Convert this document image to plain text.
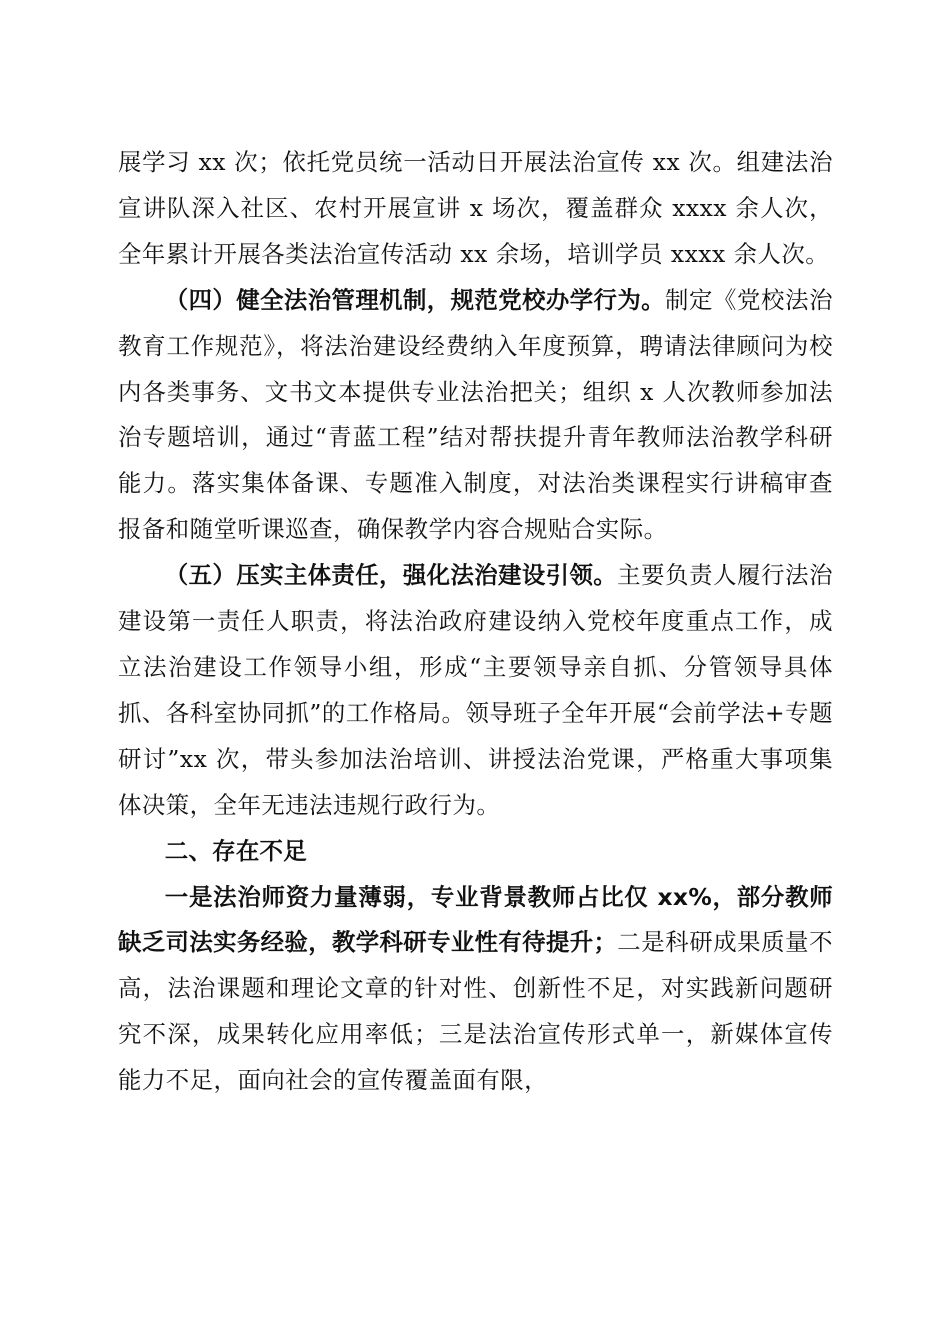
展学习 xx 次；依托党员统一活动日开展法治宣传 xx 次。组建法治宣讲队深入社区、农村开展宣讲 x 场次，覆盖群众 xxxx 余人次，全年累计开展各类法治宣传活动 xx 余场，培训学员 xxxx 余人次。

（四）健全法治管理机制，规范党校办学行为。制定《党校法治教育工作规范》，将法治建设经费纳入年度预算，聘请法律顾问为校内各类事务、文书文本提供专业法治把关；组织 x 人次教师参加法治专题培训，通过“青蓝工程”结对帮扶提升青年教师法治教学科研能力。落实集体备课、专题准入制度，对法治类课程实行讲稿审查报备和随堂听课巡查，确保教学内容合规贴合实际。

（五）压实主体责任，强化法治建设引领。主要负责人履行法治建设第一责任人职责，将法治政府建设纳入党校年度重点工作，成立法治建设工作领导小组，形成“主要领导亲自抓、分管领导具体抓、各科室协同抓”的工作格局。领导班子全年开展“会前学法+专题研讨”xx 次，带头参加法治培训、讲授法治党课，严格重大事项集体决策，全年无违法违规行政行为。

二、存在不足

一是法治师资力量薄弱，专业背景教师占比仅 xx%，部分教师缺乏司法实务经验，教学科研专业性有待提升；二是科研成果质量不高，法治课题和理论文章的针对性、创新性不足，对实践新问题研究不深，成果转化应用率低；三是法治宣传形式单一，新媒体宣传能力不足，面向社会的宣传覆盖面有限，
